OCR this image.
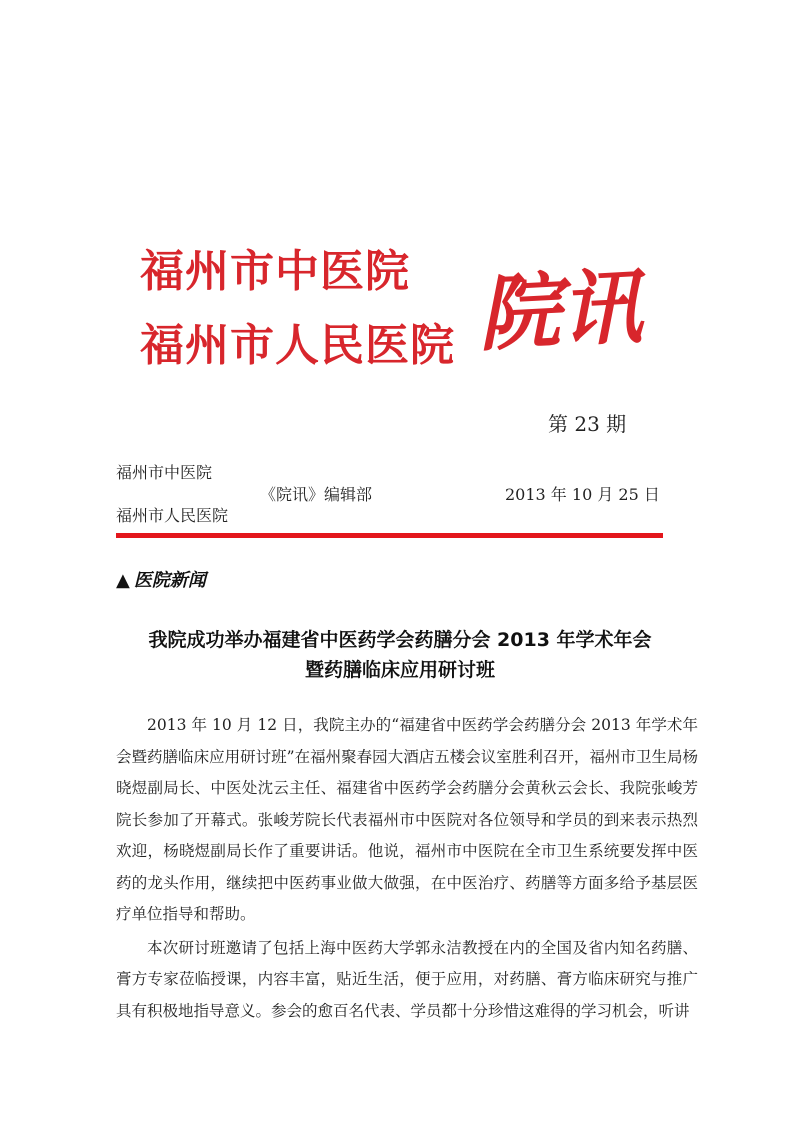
福州市中医院
福州市人民医院 院讯
第 23 期
福州市中医院
福州市人民医院
《院讯》编辑部	2013 年 10 月 25 日
▲ 医院新闻
我院成功举办福建省中医药学会药膳分会 2013 年学术年会
暨药膳临床应用研讨班

2013 年 10 月 12 日，我院主办的“福建省中医药学会药膳分会 2013 年学术年会暨药膳临床应用研讨班”在福州聚春园大酒店五楼会议室胜利召开，福州市卫生局杨晓煜副局长、中医处沈云主任、福建省中医药学会药膳分会黄秋云会长、我院张峻芳院长参加了开幕式。张峻芳院长代表福州市中医院对各位领导和学员的到来表示热烈欢迎，杨晓煜副局长作了重要讲话。他说，福州市中医院在全市卫生系统要发挥中医药的龙头作用，继续把中医药事业做大做强，在中医治疗、药膳等方面多给予基层医疗单位指导和帮助。

本次研讨班邀请了包括上海中医药大学郭永洁教授在内的全国及省内知名药膳、膏方专家莅临授课，内容丰富，贴近生活，便于应用，对药膳、膏方临床研究与推广具有积极地指导意义。参会的愈百名代表、学员都十分珍惜这难得的学习机会，听讲
